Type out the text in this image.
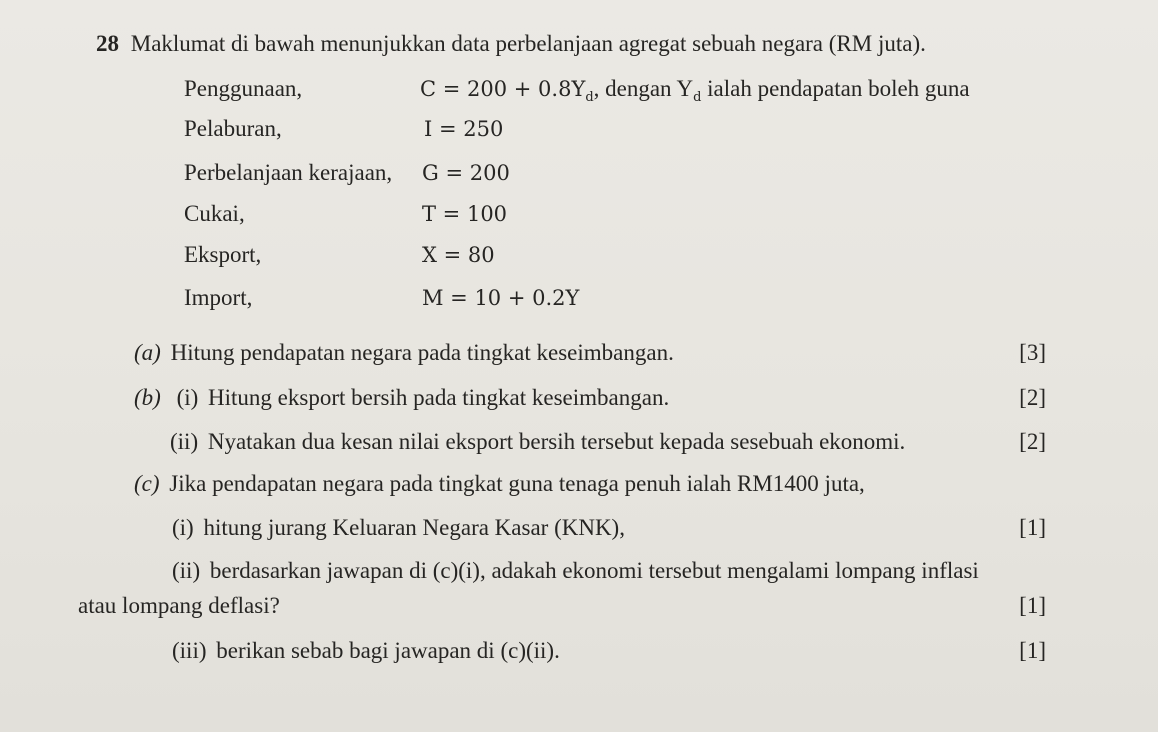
28 Maklumat di bawah menunjukkan data perbelanjaan agregat sebuah negara (RM juta).
Penggunaan,	$C = 200 + 0.8Y_d$, dengan $Y_d$ ialah pendapatan boleh guna
Pelaburan,	I = 250
Perbelanjaan kerajaan, G = 200
Cukai,	T = 100
Eksport,	X = 80
Import,	M = 10 + 0.2Y
(a) Hitung pendapatan negara pada tingkat keseimbangan.	[3]
(b) (i) Hitung eksport bersih pada tingkat keseimbangan.	[2]
(ii) Nyatakan dua kesan nilai eksport bersih tersebut kepada sesebuah ekonomi.	[2]
(c) Jika pendapatan negara pada tingkat guna tenaga penuh ialah RM1400 juta,
(i) hitung jurang Keluaran Negara Kasar (KNK),	[1]
(ii) berdasarkan jawapan di (c)(i), adakah ekonomi tersebut mengalami lompang inflasi
atau lompang deflasi?	[1]
(iii) berikan sebab bagi jawapan di (c)(ii).	[1]
